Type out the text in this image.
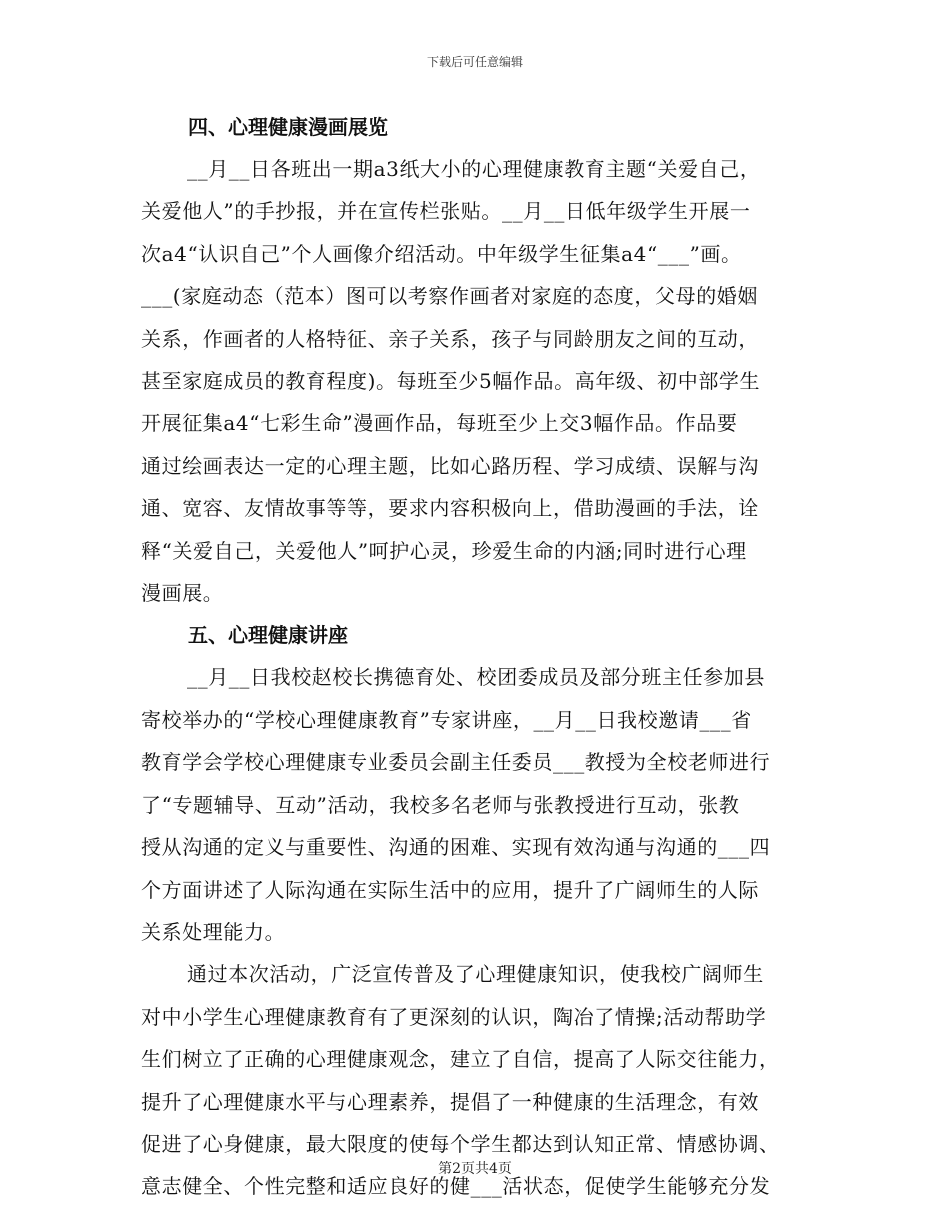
下载后可任意编辑
四、心理健康漫画展览

__月__日各班出一期a3纸大小的心理健康教育主题“关爱自己，
关爱他人”的手抄报，并在宣传栏张贴。__月__日低年级学生开展一
次a4“认识自己”个人画像介绍活动。中年级学生征集a4“___”画。
___(家庭动态（范本）图可以考察作画者对家庭的态度，父母的婚姻
关系，作画者的人格特征、亲子关系，孩子与同龄朋友之间的互动，
甚至家庭成员的教育程度)。每班至少5幅作品。高年级、初中部学生
开展征集a4“七彩生命”漫画作品，每班至少上交3幅作品。作品要
通过绘画表达一定的心理主题，比如心路历程、学习成绩、误解与沟
通、宽容、友情故事等等，要求内容积极向上，借助漫画的手法，诠
释“关爱自己，关爱他人”呵护心灵，珍爱生命的内涵;同时进行心理
漫画展。

五、心理健康讲座

__月__日我校赵校长携德育处、校团委成员及部分班主任参加县
寄校举办的“学校心理健康教育”专家讲座，__月__日我校邀请___省
教育学会学校心理健康专业委员会副主任委员___教授为全校老师进行
了“专题辅导、互动”活动，我校多名老师与张教授进行互动，张教
授从沟通的定义与重要性、沟通的困难、实现有效沟通与沟通的___四
个方面讲述了人际沟通在实际生活中的应用，提升了广阔师生的人际
关系处理能力。

通过本次活动，广泛宣传普及了心理健康知识，使我校广阔师生
对中小学生心理健康教育有了更深刻的认识，陶冶了情操;活动帮助学
生们树立了正确的心理健康观念，建立了自信，提高了人际交往能力，
提升了心理健康水平与心理素养，提倡了一种健康的生活理念，有效
促进了心身健康，最大限度的使每个学生都达到认知正常、情感协调、
意志健全、个性完整和适应良好的健___活状态，促使学生能够充分发

第2页共4页
